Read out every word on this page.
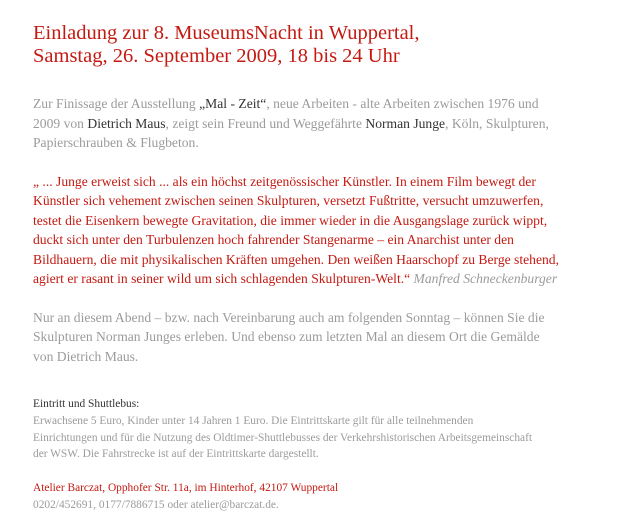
Einladung zur 8. MuseumsNacht in Wuppertal,
Samstag, 26. September 2009, 18 bis 24 Uhr
Zur Finissage der Ausstellung „Mal - Zeit“, neue Arbeiten - alte Arbeiten zwischen 1976 und
2009 von Dietrich Maus, zeigt sein Freund und Weggefährte Norman Junge, Köln, Skulpturen,
Papierschrauben & Flugbeton.
„ ... Junge erweist sich ... als ein höchst zeitgenössischer Künstler. In einem Film bewegt der
Künstler sich vehement zwischen seinen Skulpturen, versetzt Fußtritte, versucht umzuwerfen,
testet die Eisenkern bewegte Gravitation, die immer wieder in die Ausgangslage zurück wippt,
duckt sich unter den Turbulenzen hoch fahrender Stangenarme – ein Anarchist unter den
Bildhauern, die mit physikalischen Kräften umgehen. Den weißen Haarschopf zu Berge stehend,
agiert er rasant in seiner wild um sich schlagenden Skulpturen-Welt.“ Manfred Schneckenburger
Nur an diesem Abend – bzw. nach Vereinbarung auch am folgenden Sonntag – können Sie die
Skulpturen Norman Junges erleben. Und ebenso zum letzten Mal an diesem Ort die Gemälde
von Dietrich Maus.
Eintritt und Shuttlebus:
Erwachsene 5 Euro, Kinder unter 14 Jahren 1 Euro. Die Eintrittskarte gilt für alle teilnehmenden
Einrichtungen und für die Nutzung des Oldtimer-Shuttlebusses der Verkehrshistorischen Arbeitsgemeinschaft
der WSW. Die Fahrstrecke ist auf der Eintrittskarte dargestellt.
Atelier Barczat, Opphofer Str. 11a, im Hinterhof, 42107 Wuppertal
0202/452691, 0177/7886715 oder atelier@barczat.de.
